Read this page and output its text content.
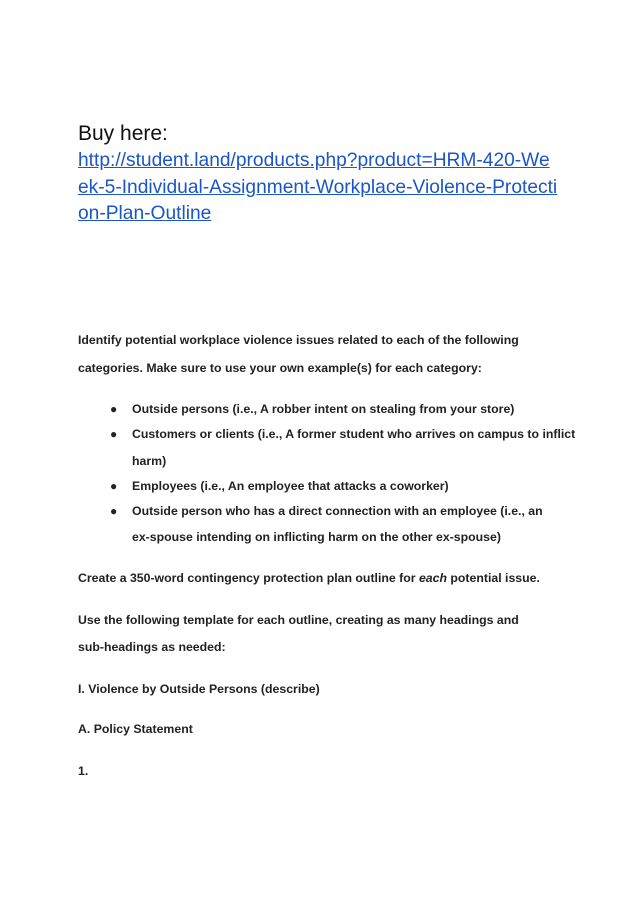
Buy here:
http://student.land/products.php?product=HRM-420-We
ek-5-Individual-Assignment-Workplace-Violence-Protecti
on-Plan-Outline
Identify potential workplace violence issues related to each of the following
categories. Make sure to use your own example(s) for each category:
● Outside persons (i.e., A robber intent on stealing from your store)
● Customers or clients (i.e., A former student who arrives on campus to inflict
harm)
● Employees (i.e., An employee that attacks a coworker)
● Outside person who has a direct connection with an employee (i.e., an
ex-spouse intending on inflicting harm on the other ex-spouse)
Create a 350-word contingency protection plan outline for each potential issue.
Use the following template for each outline, creating as many headings and
sub-headings as needed:
I. Violence by Outside Persons (describe)
A. Policy Statement
1.
